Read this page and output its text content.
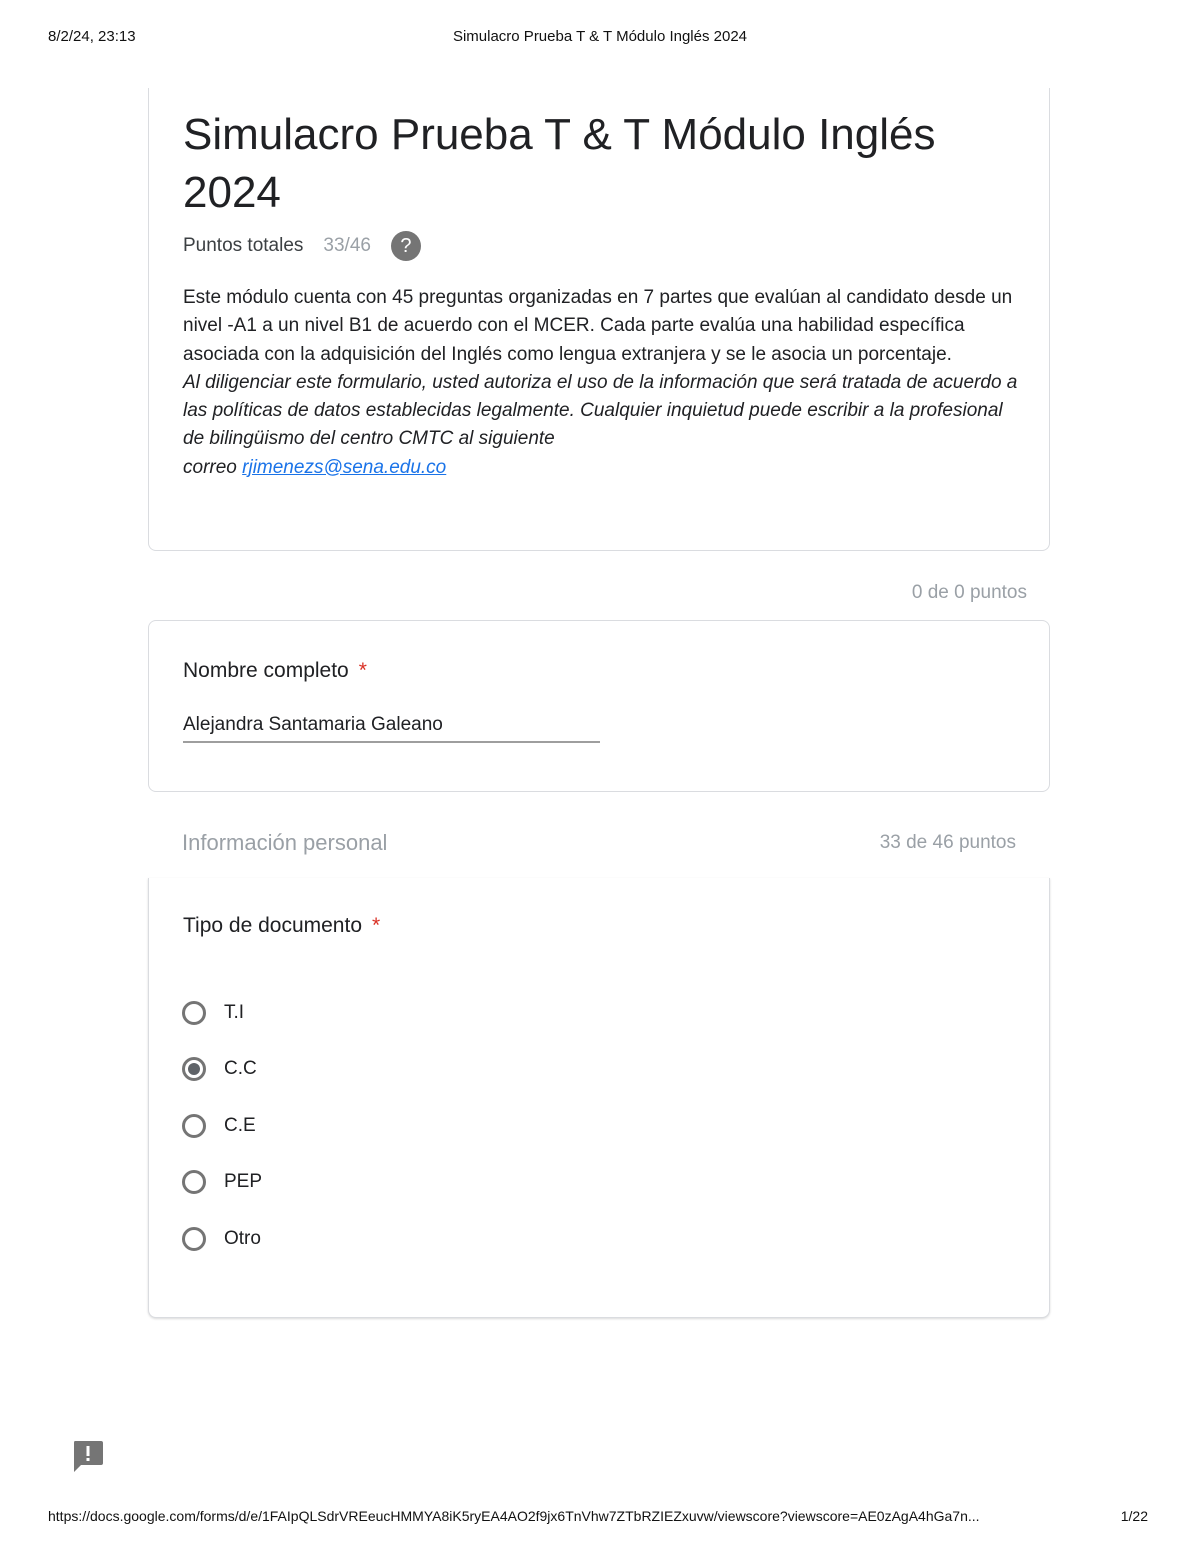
8/2/24, 23:13	Simulacro Prueba T & T Módulo Inglés 2024
Simulacro Prueba T & T Módulo Inglés 2024
Puntos totales 33/46	?

Este módulo cuenta con 45 preguntas organizadas en 7 partes que evalúan al candidato desde un nivel -A1 a un nivel B1 de acuerdo con el MCER. Cada parte evalúa una habilidad específica asociada con la adquisición del Inglés como lengua extranjera y se le asocia un porcentaje.

Al diligenciar este formulario, usted autoriza el uso de la información que será tratada de acuerdo a las políticas de datos establecidas legalmente. Cualquier inquietud puede escribir a la profesional de bilingüismo del centro CMTC al siguiente
correo rjimenezs@sena.edu.co

0 de 0 puntos
Nombre completo *
Alejandra Santamaria Galeano
Información personal	33 de 46 puntos
Tipo de documento *
T.I
C.C
C.E
PEP
Otro
https://docs.google.com/forms/d/e/1FAIpQLSdrVREeucHMMYA8iK5ryEA4AO2f9jx6TnVhw7ZTbRZIEZxuvw/viewscore?viewscore=AE0zAgA4hGa7n...	1/22
